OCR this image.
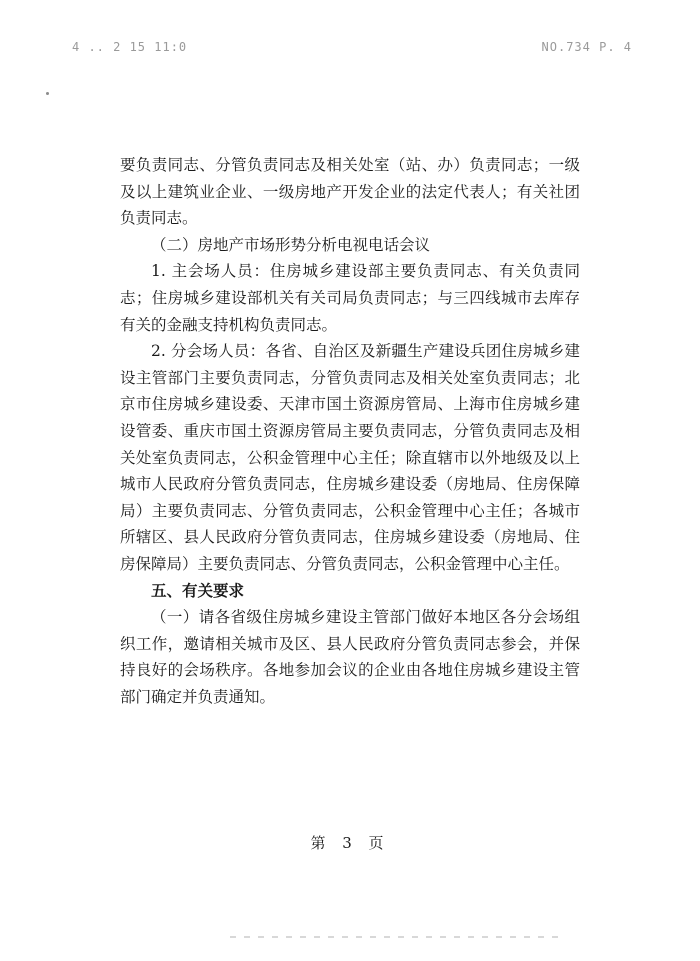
4 .. 2 15 11:0	NO.734 P. 4

要负责同志、分管负责同志及相关处室（站、办）负责同志；一级及以上建筑业企业、一级房地产开发企业的法定代表人；有关社团负责同志。

（二）房地产市场形势分析电视电话会议

1. 主会场人员：住房城乡建设部主要负责同志、有关负责同志；住房城乡建设部机关有关司局负责同志；与三四线城市去库存有关的金融支持机构负责同志。

2. 分会场人员：各省、自治区及新疆生产建设兵团住房城乡建设主管部门主要负责同志，分管负责同志及相关处室负责同志；北京市住房城乡建设委、天津市国土资源房管局、上海市住房城乡建设管委、重庆市国土资源房管局主要负责同志，分管负责同志及相关处室负责同志，公积金管理中心主任；除直辖市以外地级及以上城市人民政府分管负责同志，住房城乡建设委（房地局、住房保障局）主要负责同志、分管负责同志，公积金管理中心主任；各城市所辖区、县人民政府分管负责同志，住房城乡建设委（房地局、住房保障局）主要负责同志、分管负责同志，公积金管理中心主任。

五、有关要求

（一）请各省级住房城乡建设主管部门做好本地区各分会场组织工作，邀请相关城市及区、县人民政府分管负责同志参会，并保持良好的会场秩序。各地参加会议的企业由各地住房城乡建设主管部门确定并负责通知。

第 3 页
